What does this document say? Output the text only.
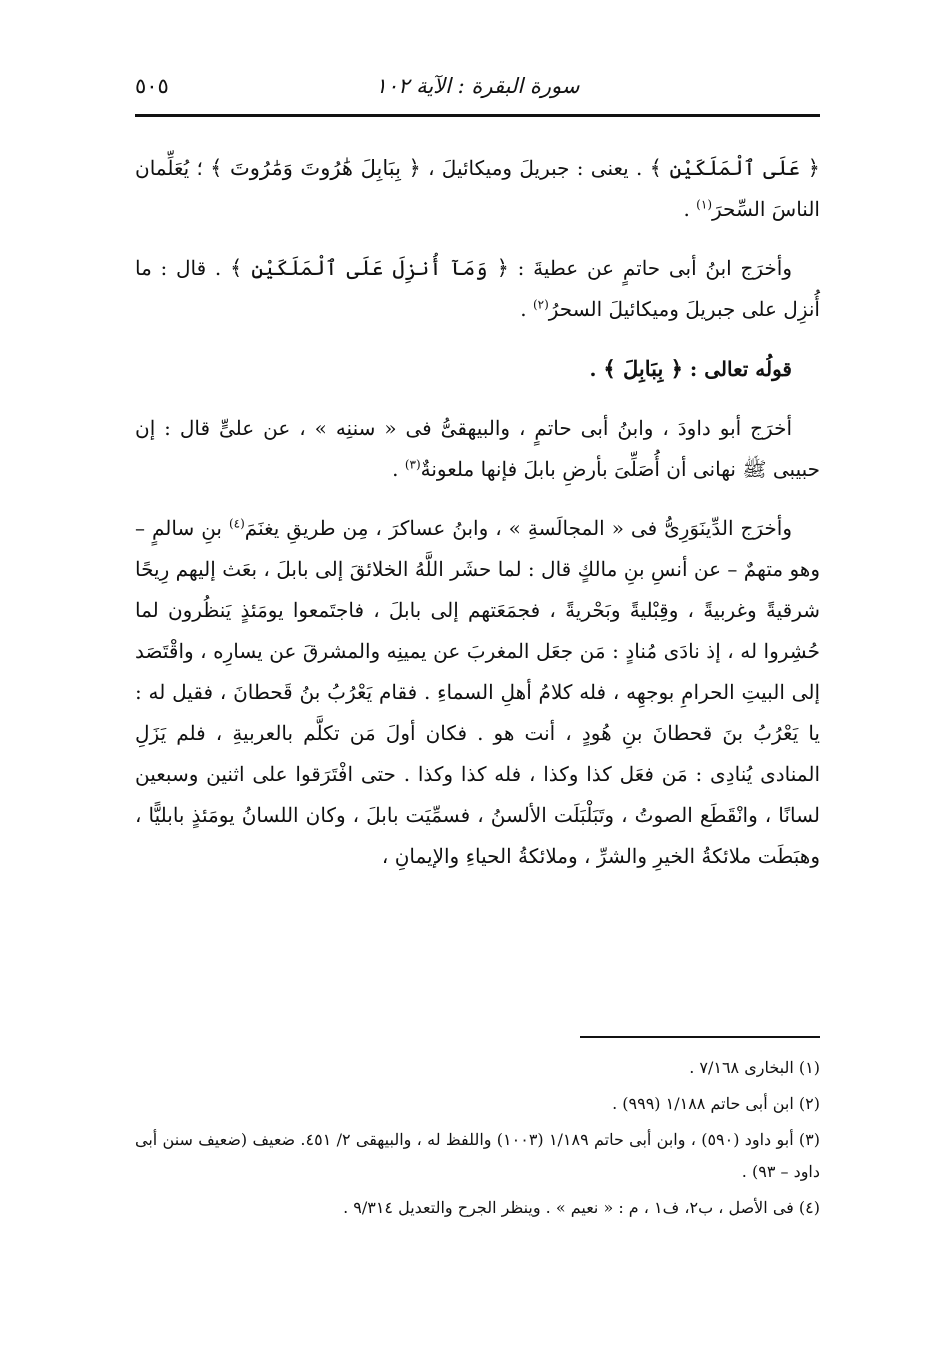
سورة البقرة : الآية ١٠٢
٥٠٥

﴿ عَلَى ٱلْمَلَكَيْنِ ﴾ . يعنى : جبريلَ وميكائيلَ ، ﴿ بِبَابِلَ هَٰرُوتَ وَمَٰرُوتَ ﴾ ؛ يُعَلِّمان الناسَ السِّحرَ$^{(١)}$ .

وأخرَج ابنُ أبى حاتمٍ عن عطيةَ : ﴿ وَمَآ أُنزِلَ عَلَى ٱلْمَلَكَيْنِ ﴾ . قال : ما أُنزِل على جبريلَ وميكائيلَ السحرُ$^{(٢)}$ .

قولُه تعالى : ﴿ بِبَابِلَ ﴾ .

أخرَج أبو داودَ ، وابنُ أبى حاتمٍ ، والبيهقىُّ فى « سننِه » ، عن علىٍّ قال : إن حبيبى ﷺ نهانى أن أُصَلِّىَ بأرضِ بابلَ فإنها ملعونةٌ$^{(٣)}$ .

وأخرَج الدِّينَوَرِىُّ فى « المجالَسةِ » ، وابنُ عساكرَ ، مِن طريقِ يغنَمَ$^{(٤)}$ بنِ سالمٍ – وهو متهمٌ – عن أنسِ بنِ مالكٍ قال : لما حشَر اللَّهُ الخلائقَ إلى بابلَ ، بعَث إليهم رِيحًا شرقيةً وغربيةً ، وقِبْليةً وبَحْريةً ، فجمَعَتهم إلى بابلَ ، فاجتَمعوا يومَئذٍ يَنظُرون لما حُشِروا له ، إذ نادَى مُنادٍ : مَن جعَل المغربَ عن يمينِه والمشرقَ عن يسارِه ، واقْتَصَد إلى البيتِ الحرامِ بوجهِه ، فله كلامُ أهلِ السماءِ . فقام يَعْرُبُ بنُ قَحطانَ ، فقيل له : يا يَعْرُبُ بنَ قحطانَ بنِ هُودٍ ، أنت هو . فكان أولَ مَن تكلَّم بالعربيةِ ، فلم يَزَلِ المنادى يُنادِى : مَن فعَل كذا وكذا ، فله كذا وكذا . حتى افْتَرَقوا على اثنين وسبعين لسانًا ، وانْقَطَع الصوتُ ، وتَبَلْبَلَت الألسنُ ، فسمِّيَت بابلَ ، وكان اللسانُ يومَئذٍ بابليًّا ، وهبَطَت ملائكةُ الخيرِ والشرِّ ، وملائكةُ الحياءِ والإيمانِ ،

(١) البخارى ٧/١٦٨ .

(٢) ابن أبى حاتم ١/١٨٨ (٩٩٩) .

(٣) أبو داود (٥٩٠) ، وابن أبى حاتم ١/١٨٩ (١٠٠٣) واللفظ له ، والبيهقى ٢/ ٤٥١. ضعيف (ضعيف سنن أبى داود – ٩٣) .

(٤) فى الأصل ، ب٢، ف١ ، م : « نعيم » . وينظر الجرح والتعديل ٩/٣١٤ .
